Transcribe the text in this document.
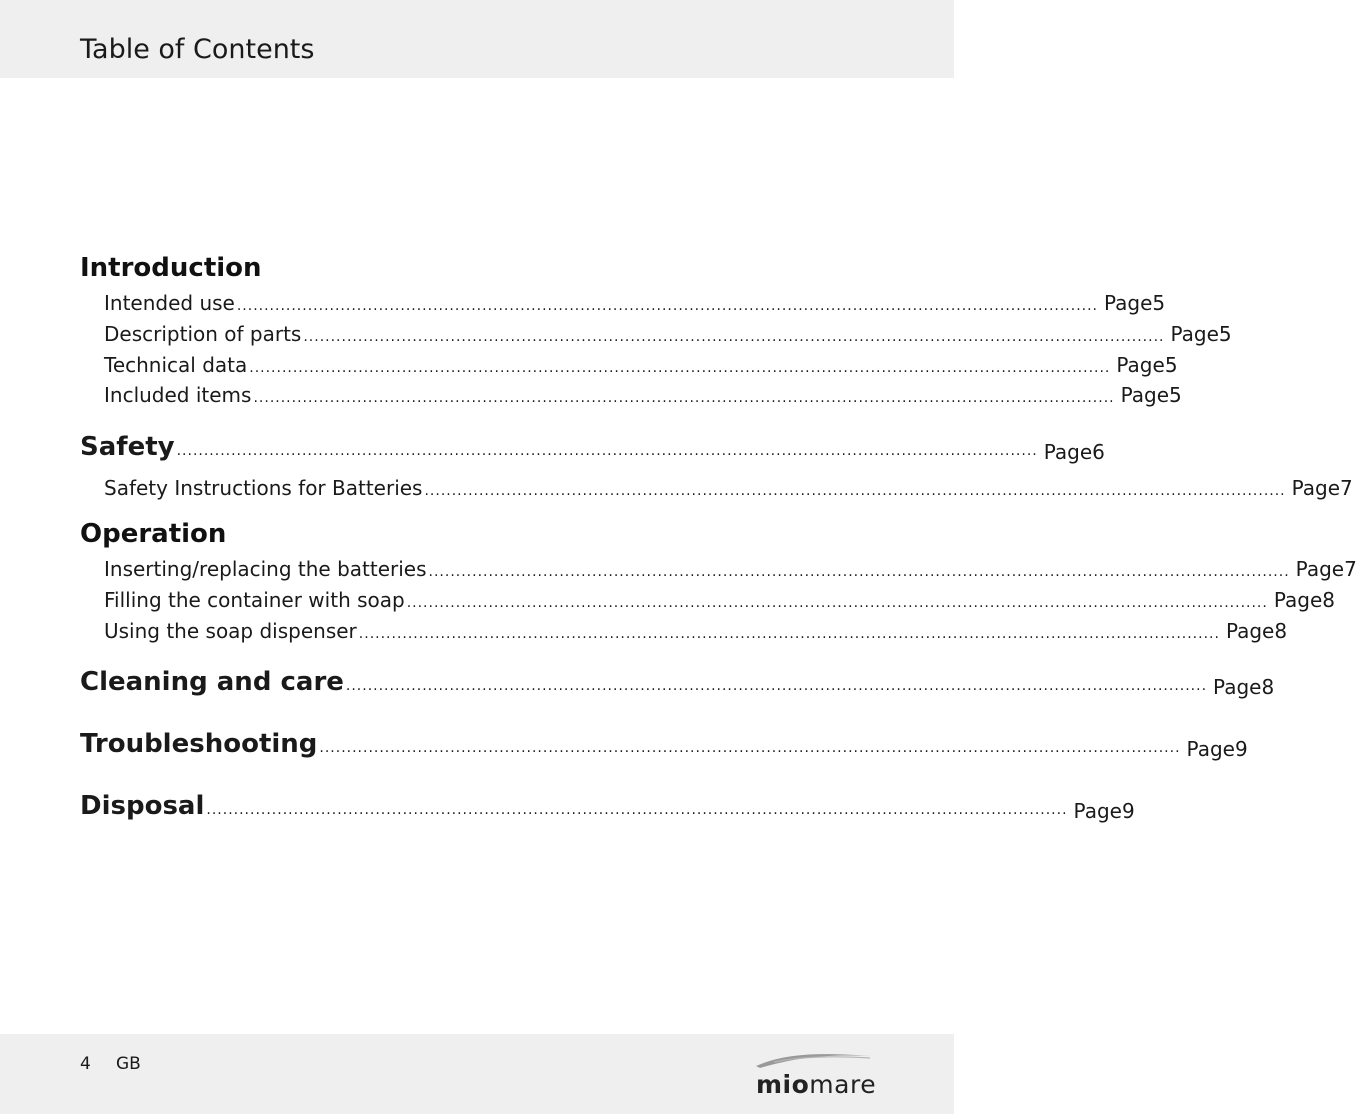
Table of Contents
Introduction
Intended use .............................................................................................................................................................. Page 5
Description of parts .............................................................................................................................................................. Page 5
Technical data .............................................................................................................................................................. Page 5
Included items .............................................................................................................................................................. Page 5
Safety .............................................................................................................................................................. Page 6
Safety Instructions for Batteries .............................................................................................................................................................. Page 7
Operation
Inserting/replacing the batteries .............................................................................................................................................................. Page 7
Filling the container with soap .............................................................................................................................................................. Page 8
Using the soap dispenser .............................................................................................................................................................. Page 8
Cleaning and care .............................................................................................................................................................. Page 8
Troubleshooting .............................................................................................................................................................. Page 9
Disposal .............................................................................................................................................................. Page 9
4 GB
miomare
